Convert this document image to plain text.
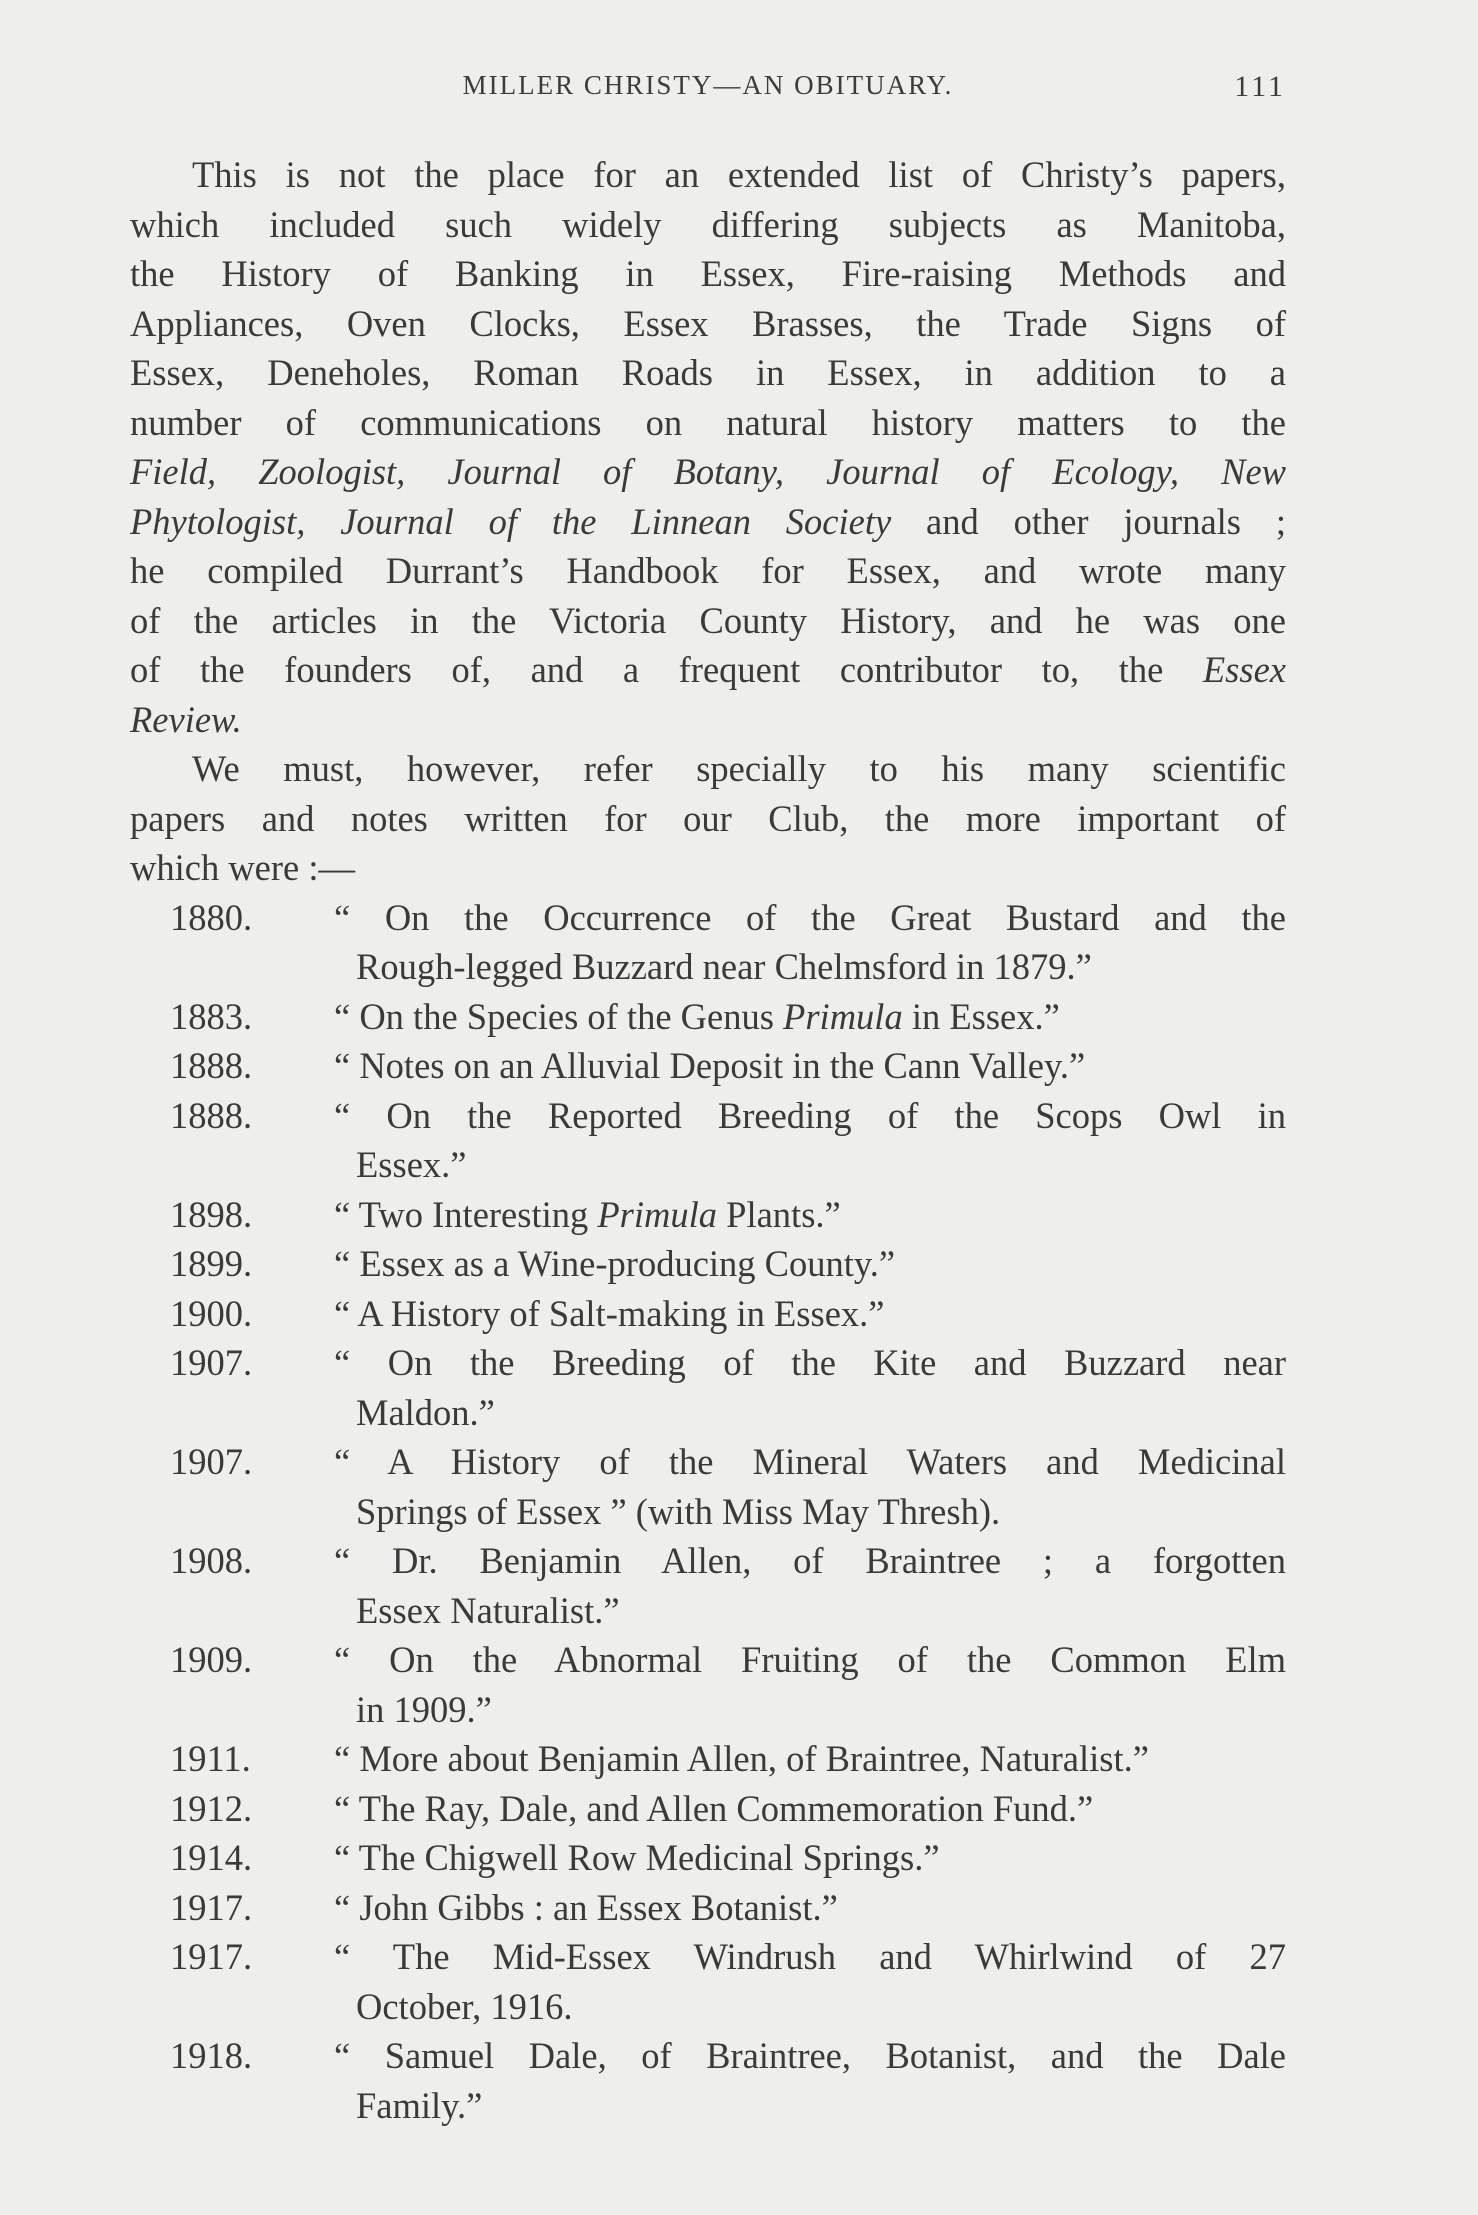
MILLER CHRISTY—AN OBITUARY.	111
This is not the place for an extended list of Christy’s papers,
which included such widely differing subjects as Manitoba,
the History of Banking in Essex, Fire-raising Methods and
Appliances, Oven Clocks, Essex Brasses, the Trade Signs of
Essex, Deneholes, Roman Roads in Essex, in addition to a
number of communications on natural history matters to the
Field, Zoologist, Journal of Botany, Journal of Ecology, New
Phytologist, Journal of the Linnean Society and other journals ;
he compiled Durrant’s Handbook for Essex, and wrote many
of the articles in the Victoria County History, and he was one
of the founders of, and a frequent contributor to, the Essex
Review.
We must, however, refer specially to his many scientific
papers and notes written for our Club, the more important of
which were :—
1880. “ On the Occurrence of the Great Bustard and the
Rough-legged Buzzard near Chelmsford in 1879.”
1883. “ On the Species of the Genus Primula in Essex.”
1888. “ Notes on an Alluvial Deposit in the Cann Valley.”
1888. “ On the Reported Breeding of the Scops Owl in
Essex.”
1898. “ Two Interesting Primula Plants.”
1899. “ Essex as a Wine-producing County.”
1900. “ A History of Salt-making in Essex.”
1907. “ On the Breeding of the Kite and Buzzard near
Maldon.”
1907. “ A History of the Mineral Waters and Medicinal
Springs of Essex ” (with Miss May Thresh).
1908. “ Dr. Benjamin Allen, of Braintree ; a forgotten
Essex Naturalist.”
1909. “ On the Abnormal Fruiting of the Common Elm
in 1909.”
1911. “ More about Benjamin Allen, of Braintree, Naturalist.”
1912. “ The Ray, Dale, and Allen Commemoration Fund.”
1914. “ The Chigwell Row Medicinal Springs.”
1917. “ John Gibbs : an Essex Botanist.”
1917. “ The Mid-Essex Windrush and Whirlwind of 27
October, 1916.
1918. “ Samuel Dale, of Braintree, Botanist, and the Dale
Family.”
